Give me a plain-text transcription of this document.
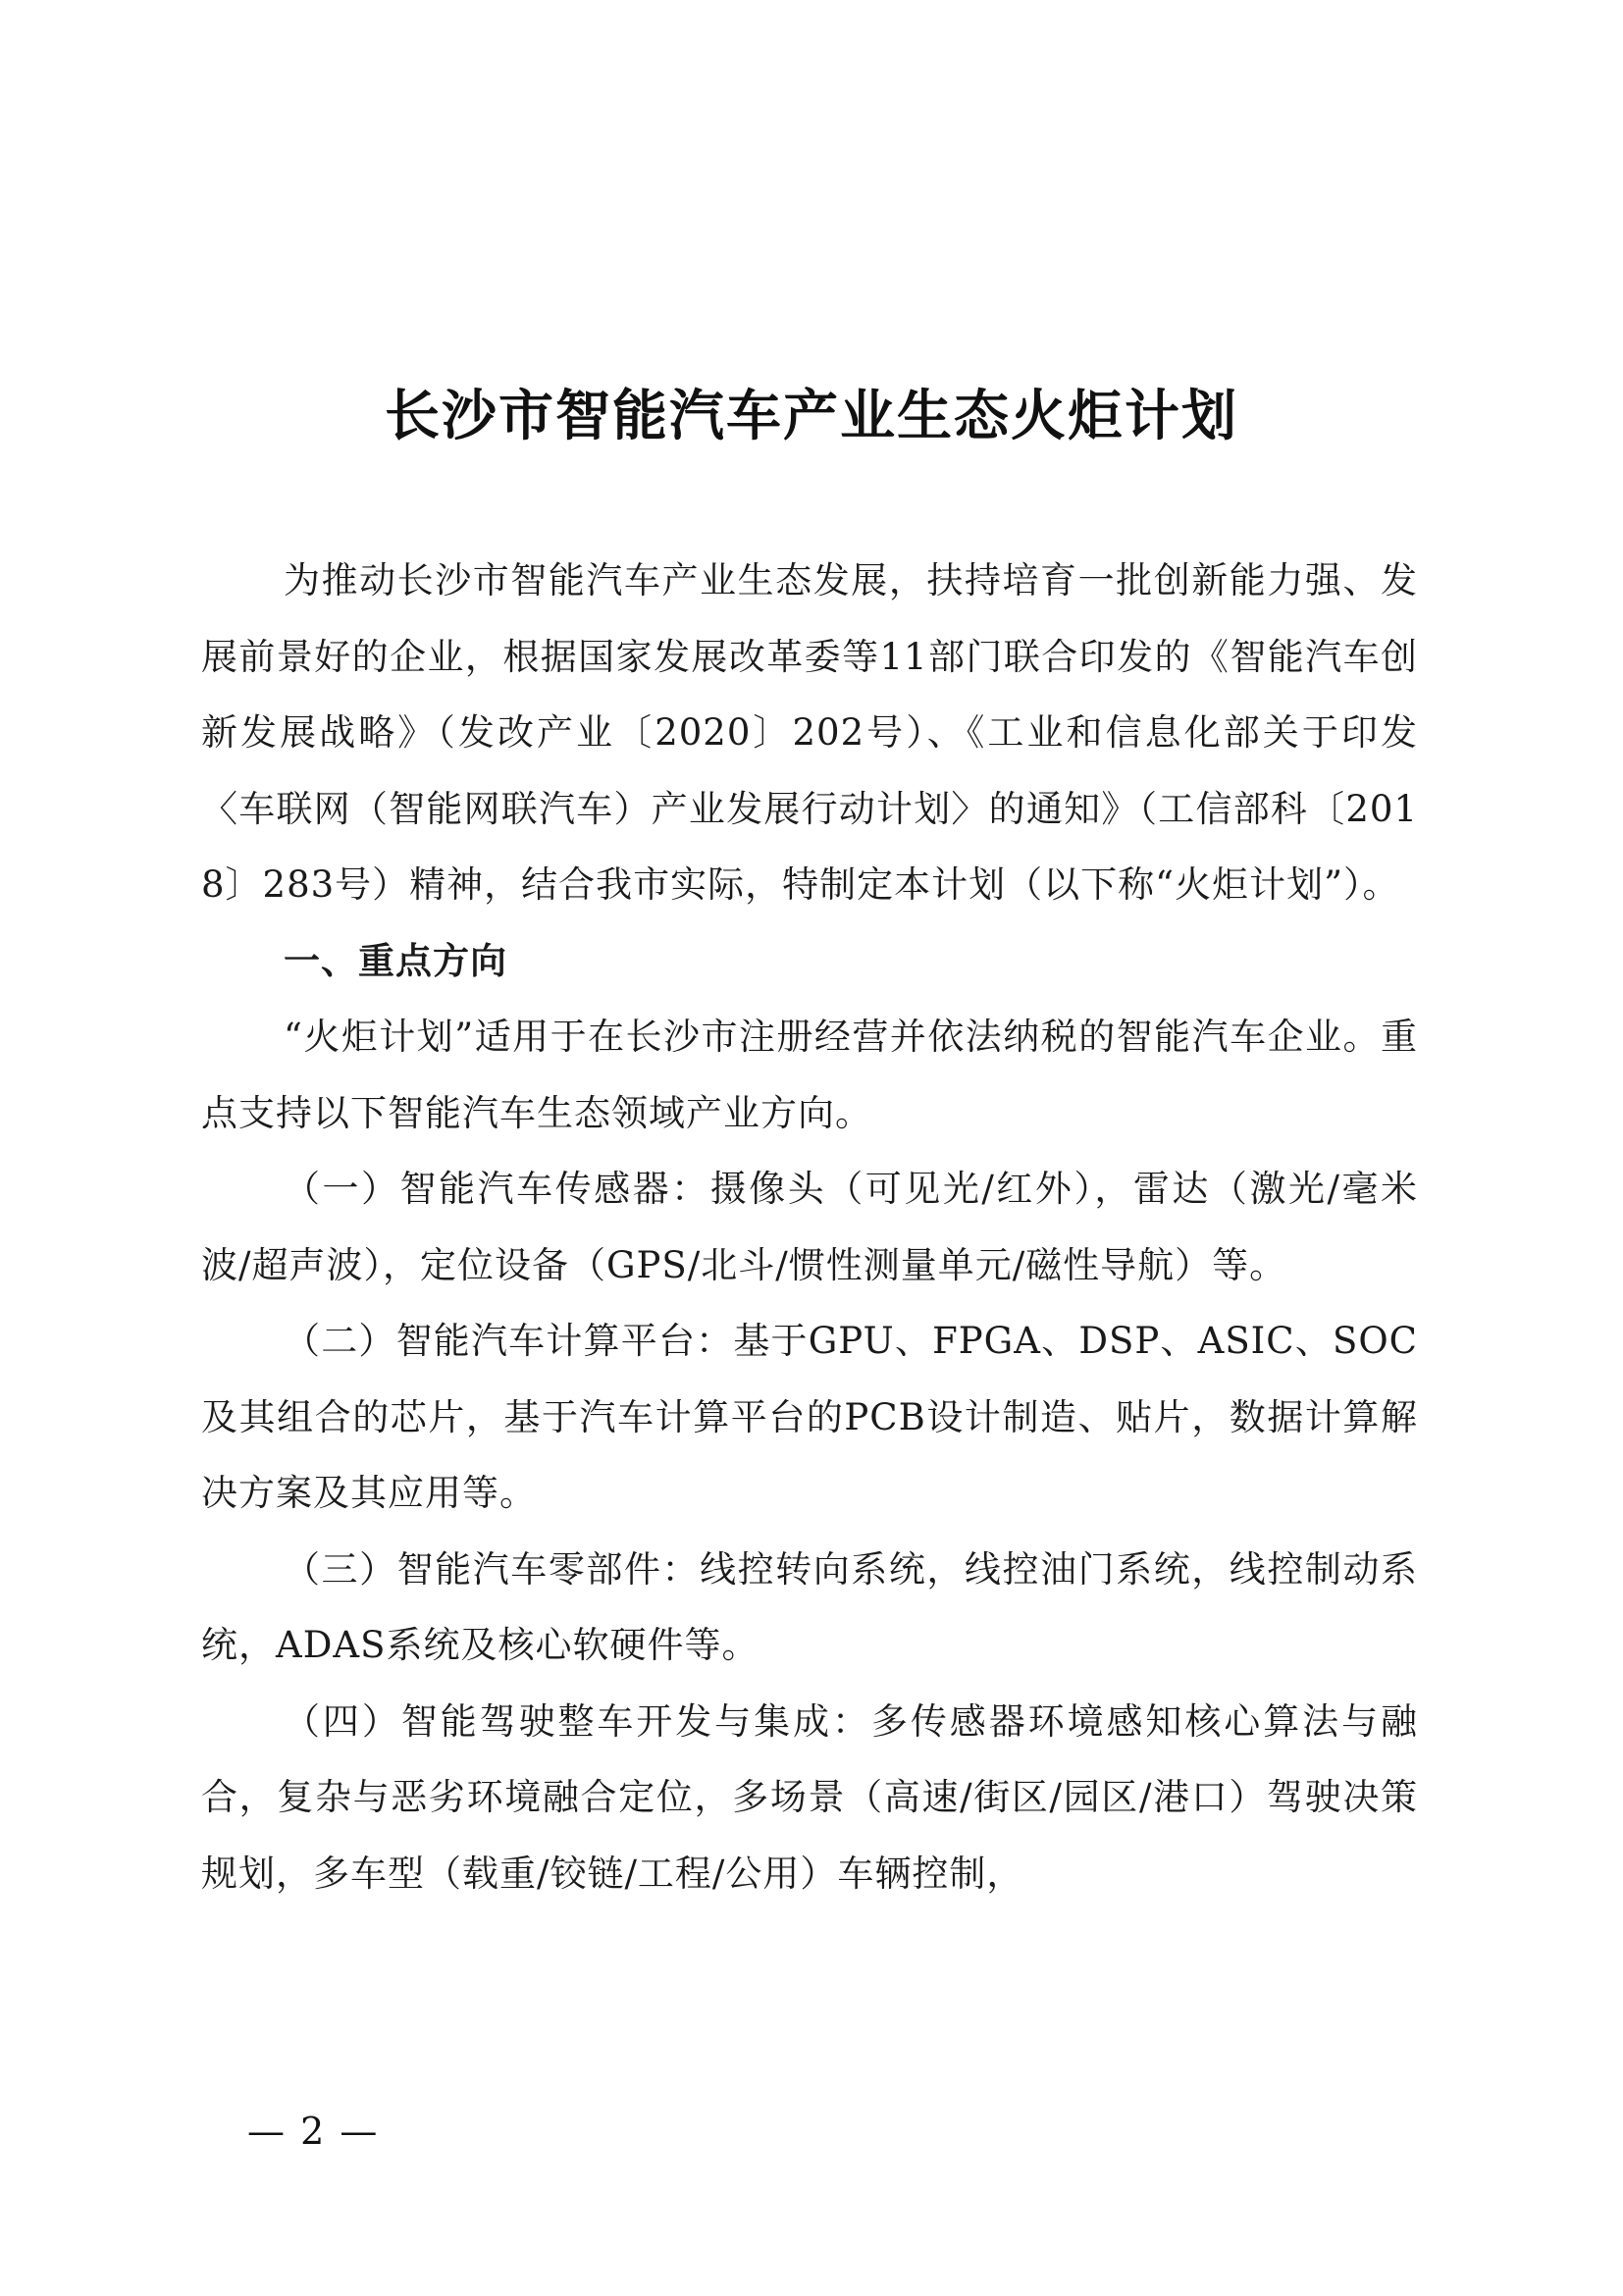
长沙市智能汽车产业生态火炬计划

为推动长沙市智能汽车产业生态发展，扶持培育一批创新能力强、发展前景好的企业，根据国家发展改革委等11部门联合印发的《智能汽车创新发展战略》（发改产业〔2020〕202号）、《工业和信息化部关于印发〈车联网（智能网联汽车）产业发展行动计划〉的通知》（工信部科〔2018〕283号）精神，结合我市实际，特制定本计划（以下称“火炬计划”）。

一、重点方向

“火炬计划”适用于在长沙市注册经营并依法纳税的智能汽车企业。重点支持以下智能汽车生态领域产业方向。

（一）智能汽车传感器：摄像头（可见光/红外），雷达（激光/毫米波/超声波），定位设备（GPS/北斗/惯性测量单元/磁性导航）等。

（二）智能汽车计算平台：基于GPU、FPGA、DSP、ASIC、SOC及其组合的芯片，基于汽车计算平台的PCB设计制造、贴片，数据计算解决方案及其应用等。

（三）智能汽车零部件：线控转向系统，线控油门系统，线控制动系统，ADAS系统及核心软硬件等。

（四）智能驾驶整车开发与集成：多传感器环境感知核心算法与融合，复杂与恶劣环境融合定位，多场景（高速/街区/园区/港口）驾驶决策规划，多车型（载重/铰链/工程/公用）车辆控制，

— 2 —
